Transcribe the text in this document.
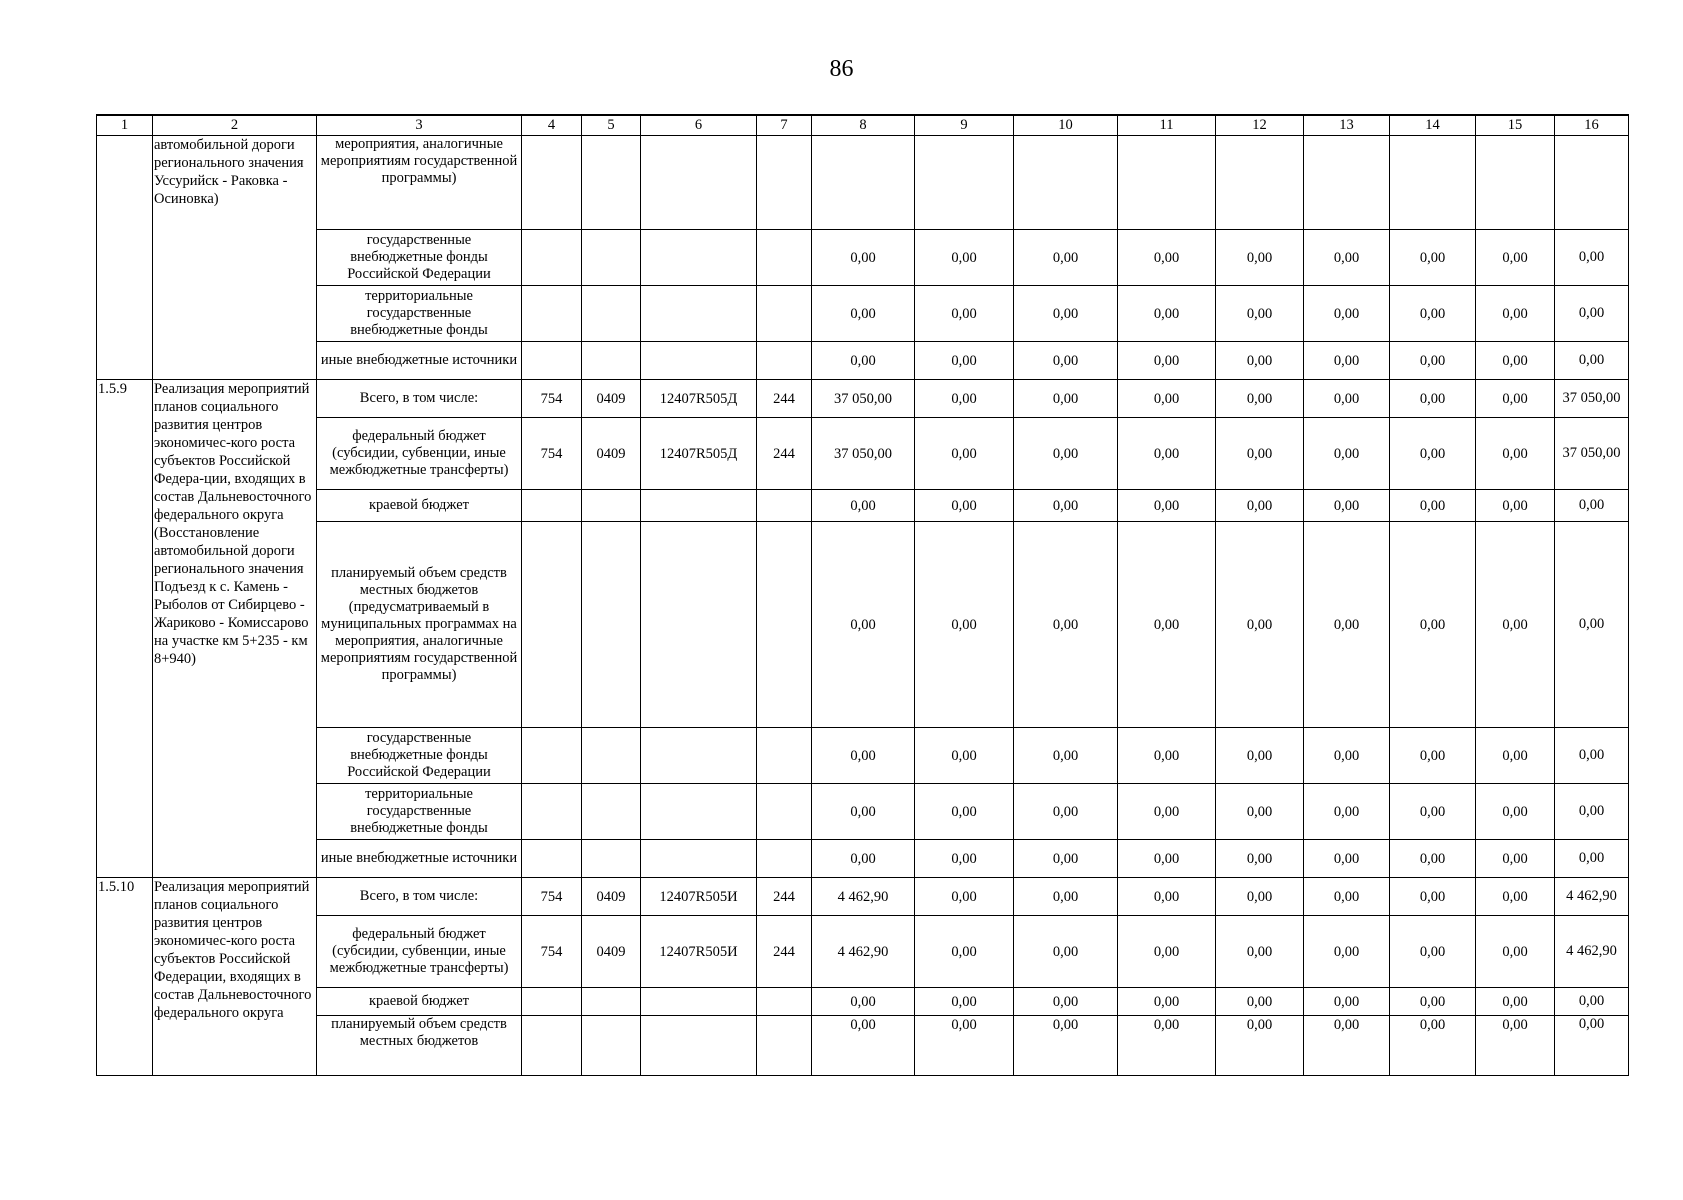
86
1	2	3	4	5	6	7	8	9	10	11	12	13	14	15	16
	автомобильной дороги регионального значения Уссурийск - Раковка - Осиновка)	мероприятия, аналогичные мероприятиям государственной программы)													
		государственные внебюджетные фонды Российской Федерации					0,00	0,00	0,00	0,00	0,00	0,00	0,00	0,00	0,00
		территориальные государственные внебюджетные фонды					0,00	0,00	0,00	0,00	0,00	0,00	0,00	0,00	0,00
		иные внебюджетные источники					0,00	0,00	0,00	0,00	0,00	0,00	0,00	0,00	0,00
1.5.9	Реализация мероприятий планов социального развития центров экономичес-кого роста субъектов Российской Федера-ции, входящих в состав Дальневосточного федерального округа (Восстановление автомобильной дороги регионального значения Подъезд к с. Камень - Рыболов от Сибирцево - Жариково - Комиссарово на участке км 5+235 - км 8+940)	Всего, в том числе:	754	0409	12407R505Д	244	37 050,00	0,00	0,00	0,00	0,00	0,00	0,00	0,00	37 050,00
		федеральный бюджет (субсидии, субвенции, иные межбюджетные трансферты)	754	0409	12407R505Д	244	37 050,00	0,00	0,00	0,00	0,00	0,00	0,00	0,00	37 050,00
		краевой бюджет					0,00	0,00	0,00	0,00	0,00	0,00	0,00	0,00	0,00
		планируемый объем средств местных бюджетов (предусматриваемый в муниципальных программах на мероприятия, аналогичные мероприятиям государственной программы)					0,00	0,00	0,00	0,00	0,00	0,00	0,00	0,00	0,00
		государственные внебюджетные фонды Российской Федерации					0,00	0,00	0,00	0,00	0,00	0,00	0,00	0,00	0,00
		территориальные государственные внебюджетные фонды					0,00	0,00	0,00	0,00	0,00	0,00	0,00	0,00	0,00
		иные внебюджетные источники					0,00	0,00	0,00	0,00	0,00	0,00	0,00	0,00	0,00
1.5.10	Реализация мероприятий планов социального развития центров экономичес-кого роста субъектов Российской Федерации, входящих в состав Дальневосточного федерального округа	Всего, в том числе:	754	0409	12407R505И	244	4 462,90	0,00	0,00	0,00	0,00	0,00	0,00	0,00	4 462,90
		федеральный бюджет (субсидии, субвенции, иные межбюджетные трансферты)	754	0409	12407R505И	244	4 462,90	0,00	0,00	0,00	0,00	0,00	0,00	0,00	4 462,90
		краевой бюджет					0,00	0,00	0,00	0,00	0,00	0,00	0,00	0,00	0,00
		планируемый объем средств местных бюджетов					0,00	0,00	0,00	0,00	0,00	0,00	0,00	0,00	0,00
